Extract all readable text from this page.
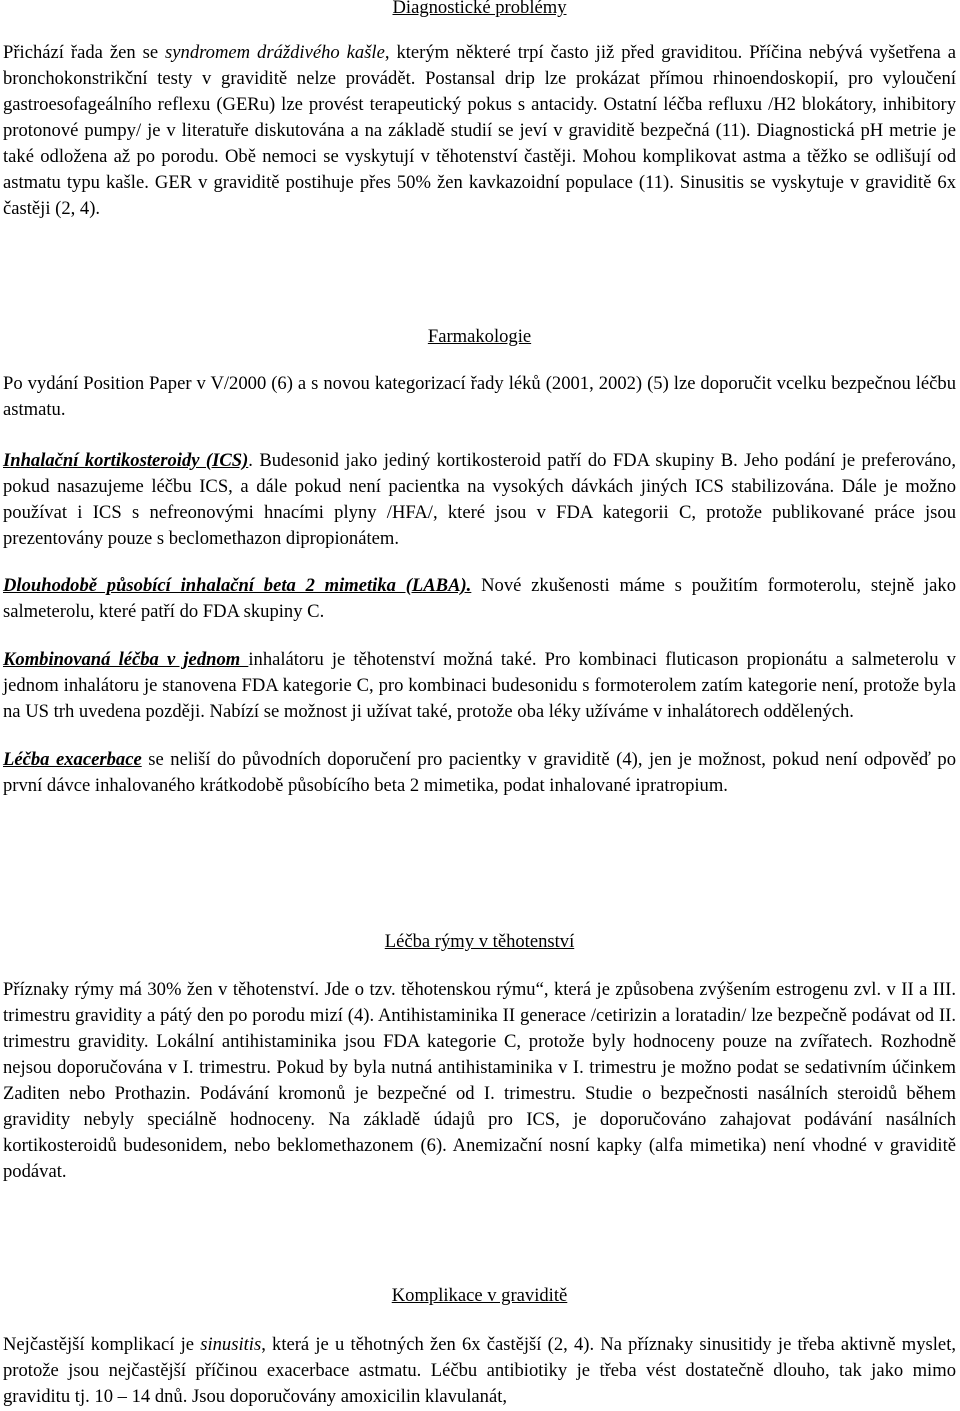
Diagnostické problémy

Přichází řada žen se syndromem dráždivého kašle, kterým některé trpí často již před graviditou. Příčina nebývá vyšetřena a bronchokonstrikční testy v graviditě nelze provádět. Postansal drip lze prokázat přímou rhinoendoskopií, pro vyloučení gastroesofageálního reflexu (GERu) lze provést terapeutický pokus s antacidy. Ostatní léčba refluxu /H2 blokátory, inhibitory protonové pumpy/ je v literatuře diskutována a na základě studií se jeví v graviditě bezpečná (11). Diagnostická pH metrie je také odložena až po porodu. Obě nemoci se vyskytují v těhotenství častěji. Mohou komplikovat astma a těžko se odlišují od astmatu typu kašle. GER v graviditě postihuje přes 50% žen kavkazoidní populace (11). Sinusitis se vyskytuje v graviditě 6x častěji (2, 4).

Farmakologie

Po vydání Position Paper v V/2000 (6) a s novou kategorizací řady léků (2001, 2002) (5) lze doporučit vcelku bezpečnou léčbu astmatu.

Inhalační kortikosteroidy (ICS). Budesonid jako jediný kortikosteroid patří do FDA skupiny B. Jeho podání je preferováno, pokud nasazujeme léčbu ICS, a dále pokud není pacientka na vysokých dávkách jiných ICS stabilizována. Dále je možno používat i ICS s nefreonovými hnacími plyny /HFA/, které jsou v FDA kategorii C, protože publikované práce jsou prezentovány pouze s beclomethazon dipropionátem.

Dlouhodobě působící inhalační beta 2 mimetika (LABA). Nové zkušenosti máme s použitím formoterolu, stejně jako salmeterolu, které patří do FDA skupiny C.

Kombinovaná léčba v jednom inhalátoru je těhotenství možná také. Pro kombinaci fluticason propionátu a salmeterolu v jednom inhalátoru je stanovena FDA kategorie C, pro kombinaci budesonidu s formoterolem zatím kategorie není, protože byla na US trh uvedena později. Nabízí se možnost ji užívat také, protože oba léky užíváme v inhalátorech oddělených.

Léčba exacerbace se neliší do původních doporučení pro pacientky v graviditě (4), jen je možnost, pokud není odpověď po první dávce inhalovaného krátkodobě působícího beta 2 mimetika, podat inhalované ipratropium.

Léčba rýmy v těhotenství

Příznaky rýmy má 30% žen v těhotenství. Jde o tzv. těhotenskou rýmu“, která je způsobena zvýšením estrogenu zvl. v II a III. trimestru gravidity a pátý den po porodu mizí (4). Antihistaminika II generace /cetirizin a loratadin/ lze bezpečně podávat od II. trimestru gravidity. Lokální antihistaminika jsou FDA kategorie C, protože byly hodnoceny pouze na zvířatech. Rozhodně nejsou doporučována v I. trimestru. Pokud by byla nutná antihistaminika v I. trimestru je možno podat se sedativním účinkem Zaditen nebo Prothazin. Podávání kromonů je bezpečné od I. trimestru. Studie o bezpečnosti nasálních steroidů během gravidity nebyly speciálně hodnoceny. Na základě údajů pro ICS, je doporučováno zahajovat podávání nasálních kortikosteroidů budesonidem, nebo beklomethazonem (6). Anemizační nosní kapky (alfa mimetika) není vhodné v graviditě podávat.

Komplikace v graviditě

Nejčastější komplikací je sinusitis, která je u těhotných žen 6x častější (2, 4). Na příznaky sinusitidy je třeba aktivně myslet, protože jsou nejčastější příčinou exacerbace astmatu. Léčbu antibiotiky je třeba vést dostatečně dlouho, tak jako mimo graviditu tj. 10 – 14 dnů. Jsou doporučovány amoxicilin klavulanát,
